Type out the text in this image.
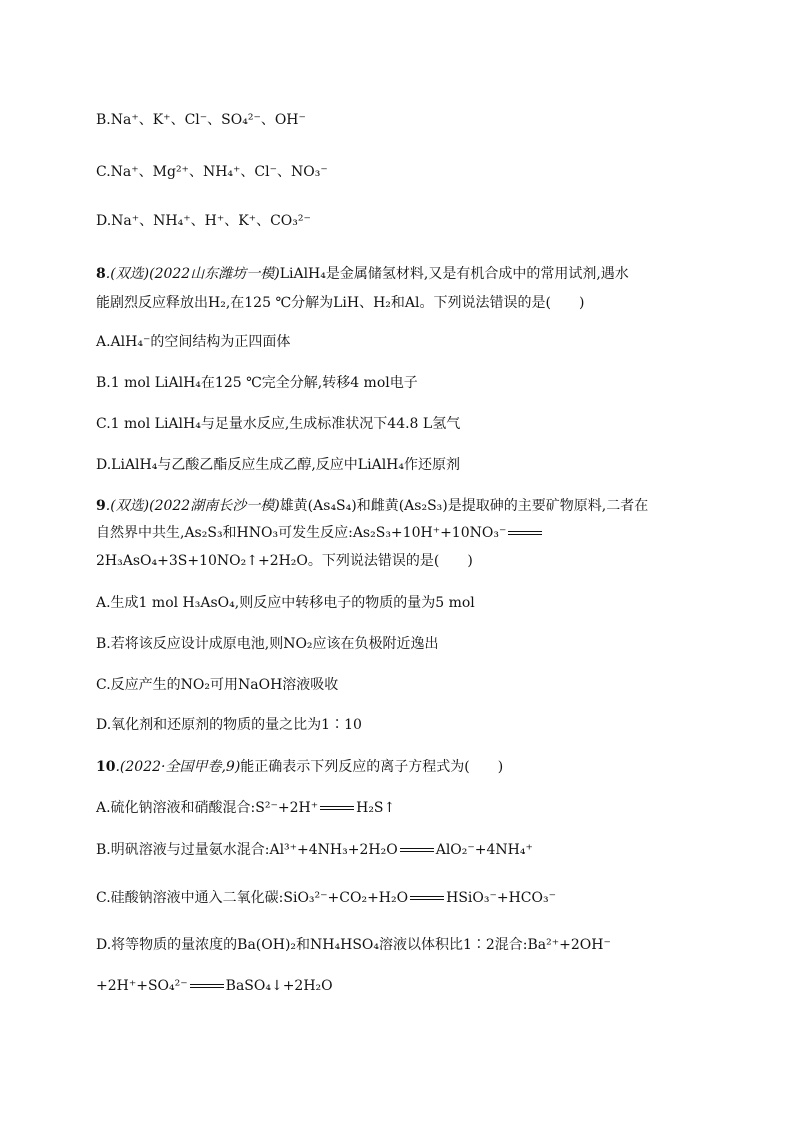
B.Na⁺、K⁺、Cl⁻、SO₄²⁻、OH⁻
C.Na⁺、Mg²⁺、NH₄⁺、Cl⁻、NO₃⁻
D.Na⁺、NH₄⁺、H⁺、K⁺、CO₃²⁻
8.(双选)(2022山东潍坊一模)LiAlH₄是金属储氢材料,又是有机合成中的常用试剂,遇水
能剧烈反应释放出H₂,在125 ℃分解为LiH、H₂和Al。下列说法错误的是(　　)
A.AlH₄⁻的空间结构为正四面体
B.1 mol LiAlH₄在125 ℃完全分解,转移4 mol电子
C.1 mol LiAlH₄与足量水反应,生成标准状况下44.8 L氢气
D.LiAlH₄与乙酸乙酯反应生成乙醇,反应中LiAlH₄作还原剂
9.(双选)(2022湖南长沙一模)雄黄(As₄S₄)和雌黄(As₂S₃)是提取砷的主要矿物原料,二者在
自然界中共生,As₂S₃和HNO₃可发生反应:As₂S₃+10H⁺+10NO₃⁻
2H₃AsO₄+3S+10NO₂↑+2H₂O。下列说法错误的是(　　)
A.生成1 mol H₃AsO₄,则反应中转移电子的物质的量为5 mol
B.若将该反应设计成原电池,则NO₂应该在负极附近逸出
C.反应产生的NO₂可用NaOH溶液吸收
D.氧化剂和还原剂的物质的量之比为1∶10
10.(2022·全国甲卷,9)能正确表示下列反应的离子方程式为(　　)
A.硫化钠溶液和硝酸混合:S²⁻+2H⁺	H₂S↑
B.明矾溶液与过量氨水混合:Al³⁺+4NH₃+2H₂O	AlO₂⁻+4NH₄⁺
C.硅酸钠溶液中通入二氧化碳:SiO₃²⁻+CO₂+H₂O	HSiO₃⁻+HCO₃⁻
D.将等物质的量浓度的Ba(OH)₂和NH₄HSO₄溶液以体积比1∶2混合:Ba²⁺+2OH⁻
+2H⁺+SO₄²⁻	BaSO₄↓+2H₂O
